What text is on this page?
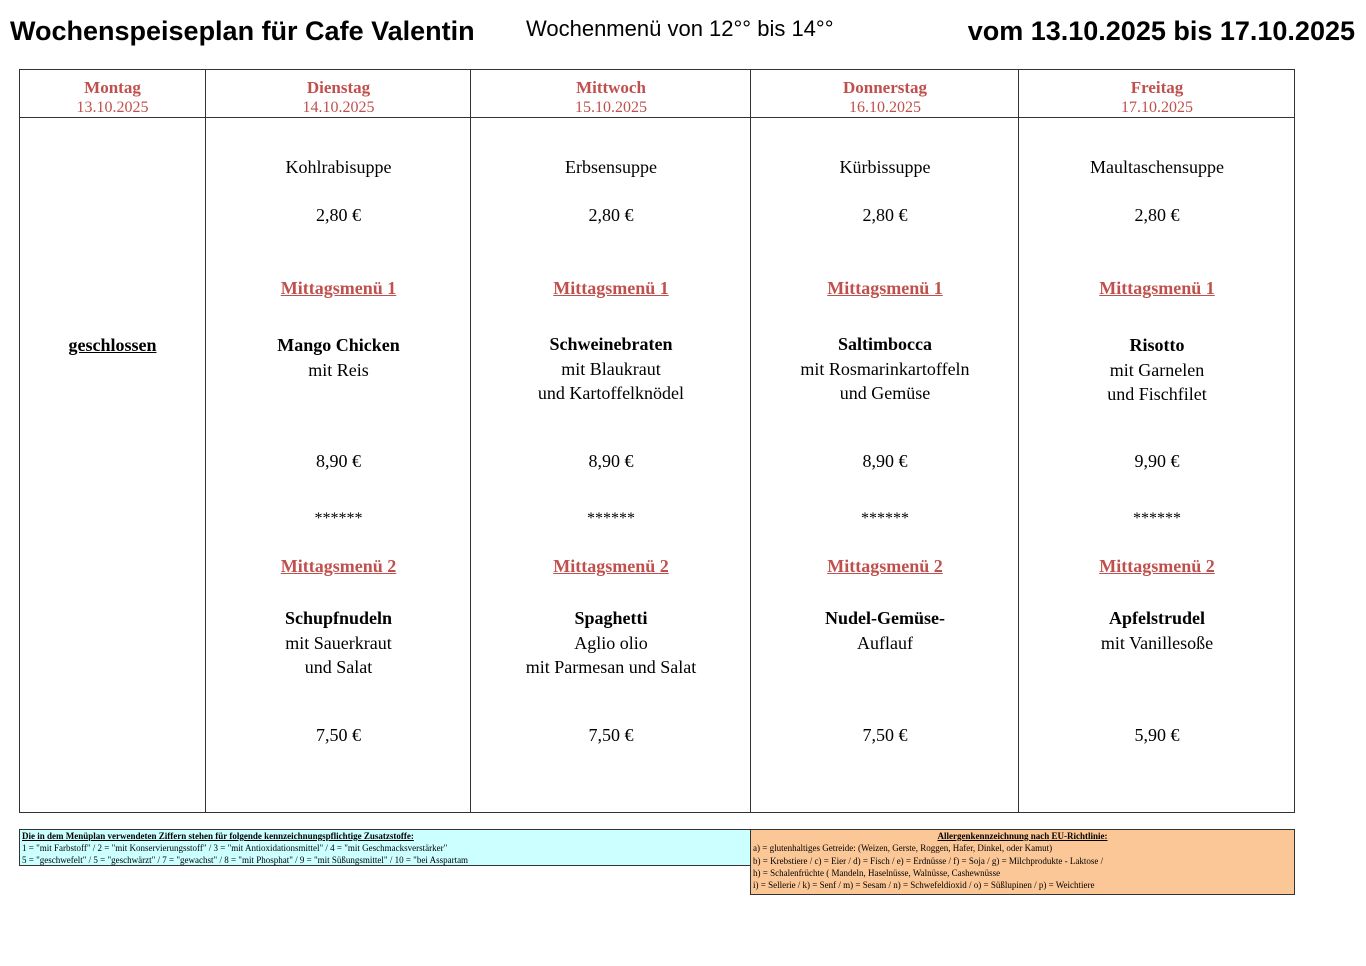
Wochenspeiseplan für Cafe Valentin Wochenmenü von 12°° bis 14°°	vom 13.10.2025 bis 17.10.2025
Montag
13.10.2025
geschlossen
Dienstag
14.10.2025
Kohlrabisuppe
2,80 €
Mittagsmenü 1
Mango Chicken
mit Reis
8,90 €
******
Mittagsmenü 2
Schupfnudeln
mit Sauerkraut
und Salat
7,50 €
Mittwoch
15.10.2025
Erbsensuppe
2,80 €
Mittagsmenü 1
Schweinebraten
mit Blaukraut
und Kartoffelknödel
8,90 €
******
Mittagsmenü 2
Spaghetti
Aglio olio
mit Parmesan und Salat
7,50 €
Donnerstag
16.10.2025
Kürbissuppe
2,80 €
Mittagsmenü 1
Saltimbocca
mit Rosmarinkartoffeln
und Gemüse
8,90 €
******
Mittagsmenü 2
Nudel-Gemüse-
Auflauf
7,50 €
Freitag
17.10.2025
Maultaschensuppe
2,80 €
Mittagsmenü 1
Risotto
mit Garnelen
und Fischfilet
9,90 €
******
Mittagsmenü 2
Apfelstrudel
mit Vanillesoße
5,90 €
Die in dem Menüplan verwendeten Ziffern stehen für folgende kennzeichnungspflichtige Zusatzstoffe:
1 = "mit Farbstoff" / 2 = "mit Konservierungsstoff" / 3 = "mit Antioxidationsmittel" / 4 = "mit Geschmacksverstärker"
5 = "geschwefelt" / 5 = "geschwärzt" / 7 = "gewachst" / 8 = "mit Phosphat" / 9 = "mit Süßungsmittel" / 10 = "bei Asspartam
Allergenkennzeichnung nach EU-Richtlinie:
a) = glutenhaltiges Getreide: (Weizen, Gerste, Roggen, Hafer, Dinkel, oder Kamut)
b) = Krebstiere / c) = Eier / d) = Fisch / e) = Erdnüsse / f) = Soja / g) = Milchprodukte - Laktose /
h) = Schalenfrüchte ( Mandeln, Haselnüsse, Walnüsse, Cashewnüsse
i) = Sellerie / k) = Senf / m) = Sesam / n) = Schwefeldioxid / o) = Süßlupinen / p) = Weichtiere
